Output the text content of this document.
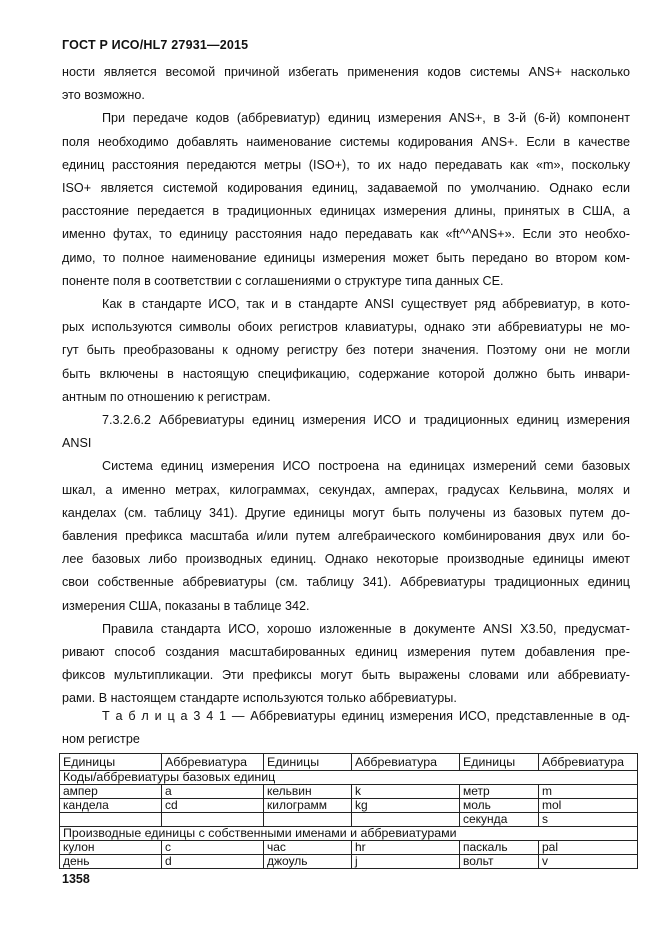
ГОСТ Р ИСО/HL7 27931—2015

ности является весомой причиной избегать применения кодов системы ANS+ насколько

это возможно.

При передаче кодов (аббревиатур) единиц измерения ANS+, в 3-й (6-й) компонент

поля необходимо добавлять наименование системы кодирования ANS+. Если в качестве

единиц расстояния передаются метры (ISO+), то их надо передавать как «m», поскольку

ISO+ является системой кодирования единиц, задаваемой по умолчанию. Однако если

расстояние передается в традиционных единицах измерения длины, принятых в США, а

именно футах, то единицу расстояния надо передавать как «ft^^ANS+». Если это необхо-

димо, то полное наименование единицы измерения может быть передано во втором ком-

поненте поля в соответствии с соглашениями о структуре типа данных CE.

Как в стандарте ИСО, так и в стандарте ANSI существует ряд аббревиатур, в кото-

рых используются символы обоих регистров клавиатуры, однако эти аббревиатуры не мо-

гут быть преобразованы к одному регистру без потери значения. Поэтому они не могли

быть включены в настоящую спецификацию, содержание которой должно быть инвари-

антным по отношению к регистрам.

7.3.2.6.2 Аббревиатуры единиц измерения ИСО и традиционных единиц измерения

ANSI

Система единиц измерения ИСО построена на единицах измерений семи базовых

шкал, а именно метрах, килограммах, секундах, амперах, градусах Кельвина, молях и

канделах (см. таблицу 341). Другие единицы могут быть получены из базовых путем до-

бавления префикса масштаба и/или путем алгебраического комбинирования двух или бо-

лее базовых либо производных единиц. Однако некоторые производные единицы имеют

свои собственные аббревиатуры (см. таблицу 341). Аббревиатуры традиционных единиц

измерения США, показаны в таблице 342.

Правила стандарта ИСО, хорошо изложенные в документе ANSI X3.50, предусмат-

ривают способ создания масштабированных единиц измерения путем добавления пре-

фиксов мультипликации. Эти префиксы могут быть выражены словами или аббревиату-

рами. В настоящем стандарте используются только аббревиатуры.

Т а б л и ц а 3 4 1 — Аббревиатуры единиц измерения ИСО, представленные в од-

ном регистре

Единицы	Аббревиатура	Единицы	Аббревиатура	Единицы	Аббревиатура
Коды/аббревиатуры базовых единиц					
ампер	a	кельвин	k	метр	m
кандела	cd	килограмм	kg	моль	mol
				секунда	s
Производные единицы с собственными именами и аббревиатурами					
кулон	c	час	hr	паскаль	pal
день	d	джоуль	j	вольт	v
1358
